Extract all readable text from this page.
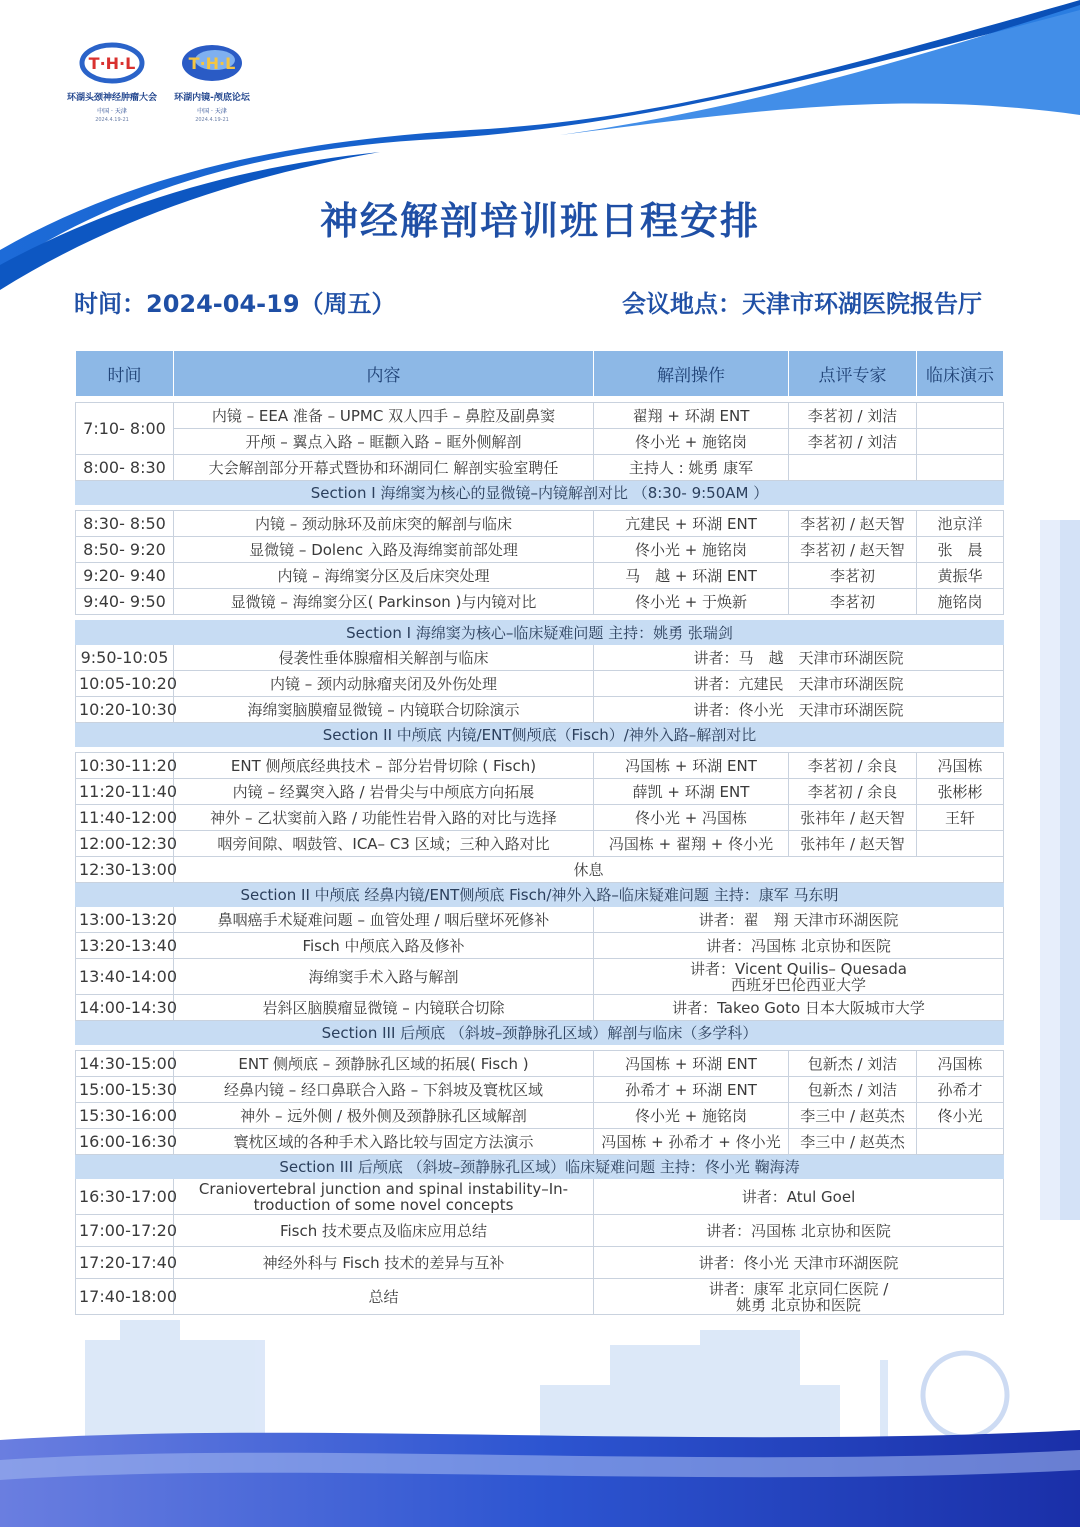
T·H·L
环湖头颈神经肿瘤大会
中国 · 天津
2024.4.19-21
T·H·L
环湖内镜-颅底论坛
中国 · 天津
2024.4.19-21
神经解剖培训班日程安排
时间：2024-04-19（周五）	会议地点：天津市环湖医院报告厅
时间	内容	解剖操作	点评专家	临床演示

7:10- 8:00	内镜 – EEA 准备 – UPMC 双人四手 – 鼻腔及副鼻窦	翟翔 + 环湖 ENT	李茗初 / 刘洁	
	开颅 – 翼点入路 – 眶颧入路 – 眶外侧解剖	佟小光 + 施铭岗	李茗初 / 刘洁	
8:00- 8:30	大会解剖部分开幕式暨协和环湖同仁 解剖实验室聘任	主持人 : 姚勇 康军		
Section I 海绵窦为核心的显微镜–内镜解剖对比 （8:30- 9:50AM ）				

8:30- 8:50	内镜 – 颈动脉环及前床突的解剖与临床	亢建民 + 环湖 ENT	李茗初 / 赵天智	池京洋
8:50- 9:20	显微镜 – Dolenc 入路及海绵窦前部处理	佟小光 + 施铭岗	李茗初 / 赵天智	张　晨
9:20- 9:40	内镜 – 海绵窦分区及后床突处理	马　越 + 环湖 ENT	李茗初	黄振华
9:40- 9:50	显微镜 – 海绵窦分区( Parkinson )与内镜对比	佟小光 + 于焕新	李茗初	施铭岗

Section I 海绵窦为核心–临床疑难问题 主持：姚勇 张瑞剑				
9:50-10:05	侵袭性垂体腺瘤相关解剖与临床	讲者：马　越　天津市环湖医院		
10:05-10:20	内镜 – 颈内动脉瘤夹闭及外伤处理	讲者：亢建民　天津市环湖医院		
10:20-10:30	海绵窦脑膜瘤显微镜 – 内镜联合切除演示	讲者：佟小光　天津市环湖医院		
Section II 中颅底 内镜/ENT侧颅底（Fisch）/神外入路–解剖对比				

10:30-11:20	ENT 侧颅底经典技术 – 部分岩骨切除 ( Fisch)	冯国栋 + 环湖 ENT	李茗初 / 余良	冯国栋
11:20-11:40	内镜 – 经翼突入路 / 岩骨尖与中颅底方向拓展	薛凯 + 环湖 ENT	李茗初 / 余良	张彬彬
11:40-12:00	神外 – 乙状窦前入路 / 功能性岩骨入路的对比与选择	佟小光 + 冯国栋	张祎年 / 赵天智	王轩
12:00-12:30	咽旁间隙、咽鼓管、ICA– C3 区域；三种入路对比	冯国栋 + 翟翔 + 佟小光	张祎年 / 赵天智	
12:30-13:00	休息			
Section II 中颅底 经鼻内镜/ENT侧颅底 Fisch/神外入路–临床疑难问题 主持：康军 马东明				
13:00-13:20	鼻咽癌手术疑难问题 – 血管处理 / 咽后壁坏死修补	讲者：翟　翔 天津市环湖医院		
13:20-13:40	Fisch 中颅底入路及修补	讲者：冯国栋 北京协和医院		
13:40-14:00	海绵窦手术入路与解剖	讲者：Vicent Quilis– Quesada
西班牙巴伦西亚大学		

14:00-14:30	岩斜区脑膜瘤显微镜 – 内镜联合切除	讲者：Takeo Goto 日本大阪城市大学		
Section III 后颅底 （斜坡–颈静脉孔区域）解剖与临床（多学科）				

14:30-15:00	ENT 侧颅底 – 颈静脉孔区域的拓展( Fisch )	冯国栋 + 环湖 ENT	包新杰 / 刘洁	冯国栋
15:00-15:30	经鼻内镜 – 经口鼻联合入路 – 下斜坡及寰枕区域	孙希才 + 环湖 ENT	包新杰 / 刘洁	孙希才
15:30-16:00	神外 – 远外侧 / 极外侧及颈静脉孔区域解剖	佟小光 + 施铭岗	李三中 / 赵英杰	佟小光
16:00-16:30	寰枕区域的各种手术入路比较与固定方法演示	冯国栋 + 孙希才 + 佟小光	李三中 / 赵英杰	
Section III 后颅底 （斜坡–颈静脉孔区域）临床疑难问题 主持：佟小光 鞠海涛				
16:30-17:00	Craniovertebral junction and spinal instability–In-
troduction of some novel concepts	讲者：Atul Goel		
17:00-17:20	Fisch 技术要点及临床应用总结	讲者：冯国栋 北京协和医院		
17:20-17:40	神经外科与 Fisch 技术的差异与互补	讲者：佟小光 天津市环湖医院		
17:40-18:00	总结	讲者：康军 北京同仁医院 /
姚勇 北京协和医院		
